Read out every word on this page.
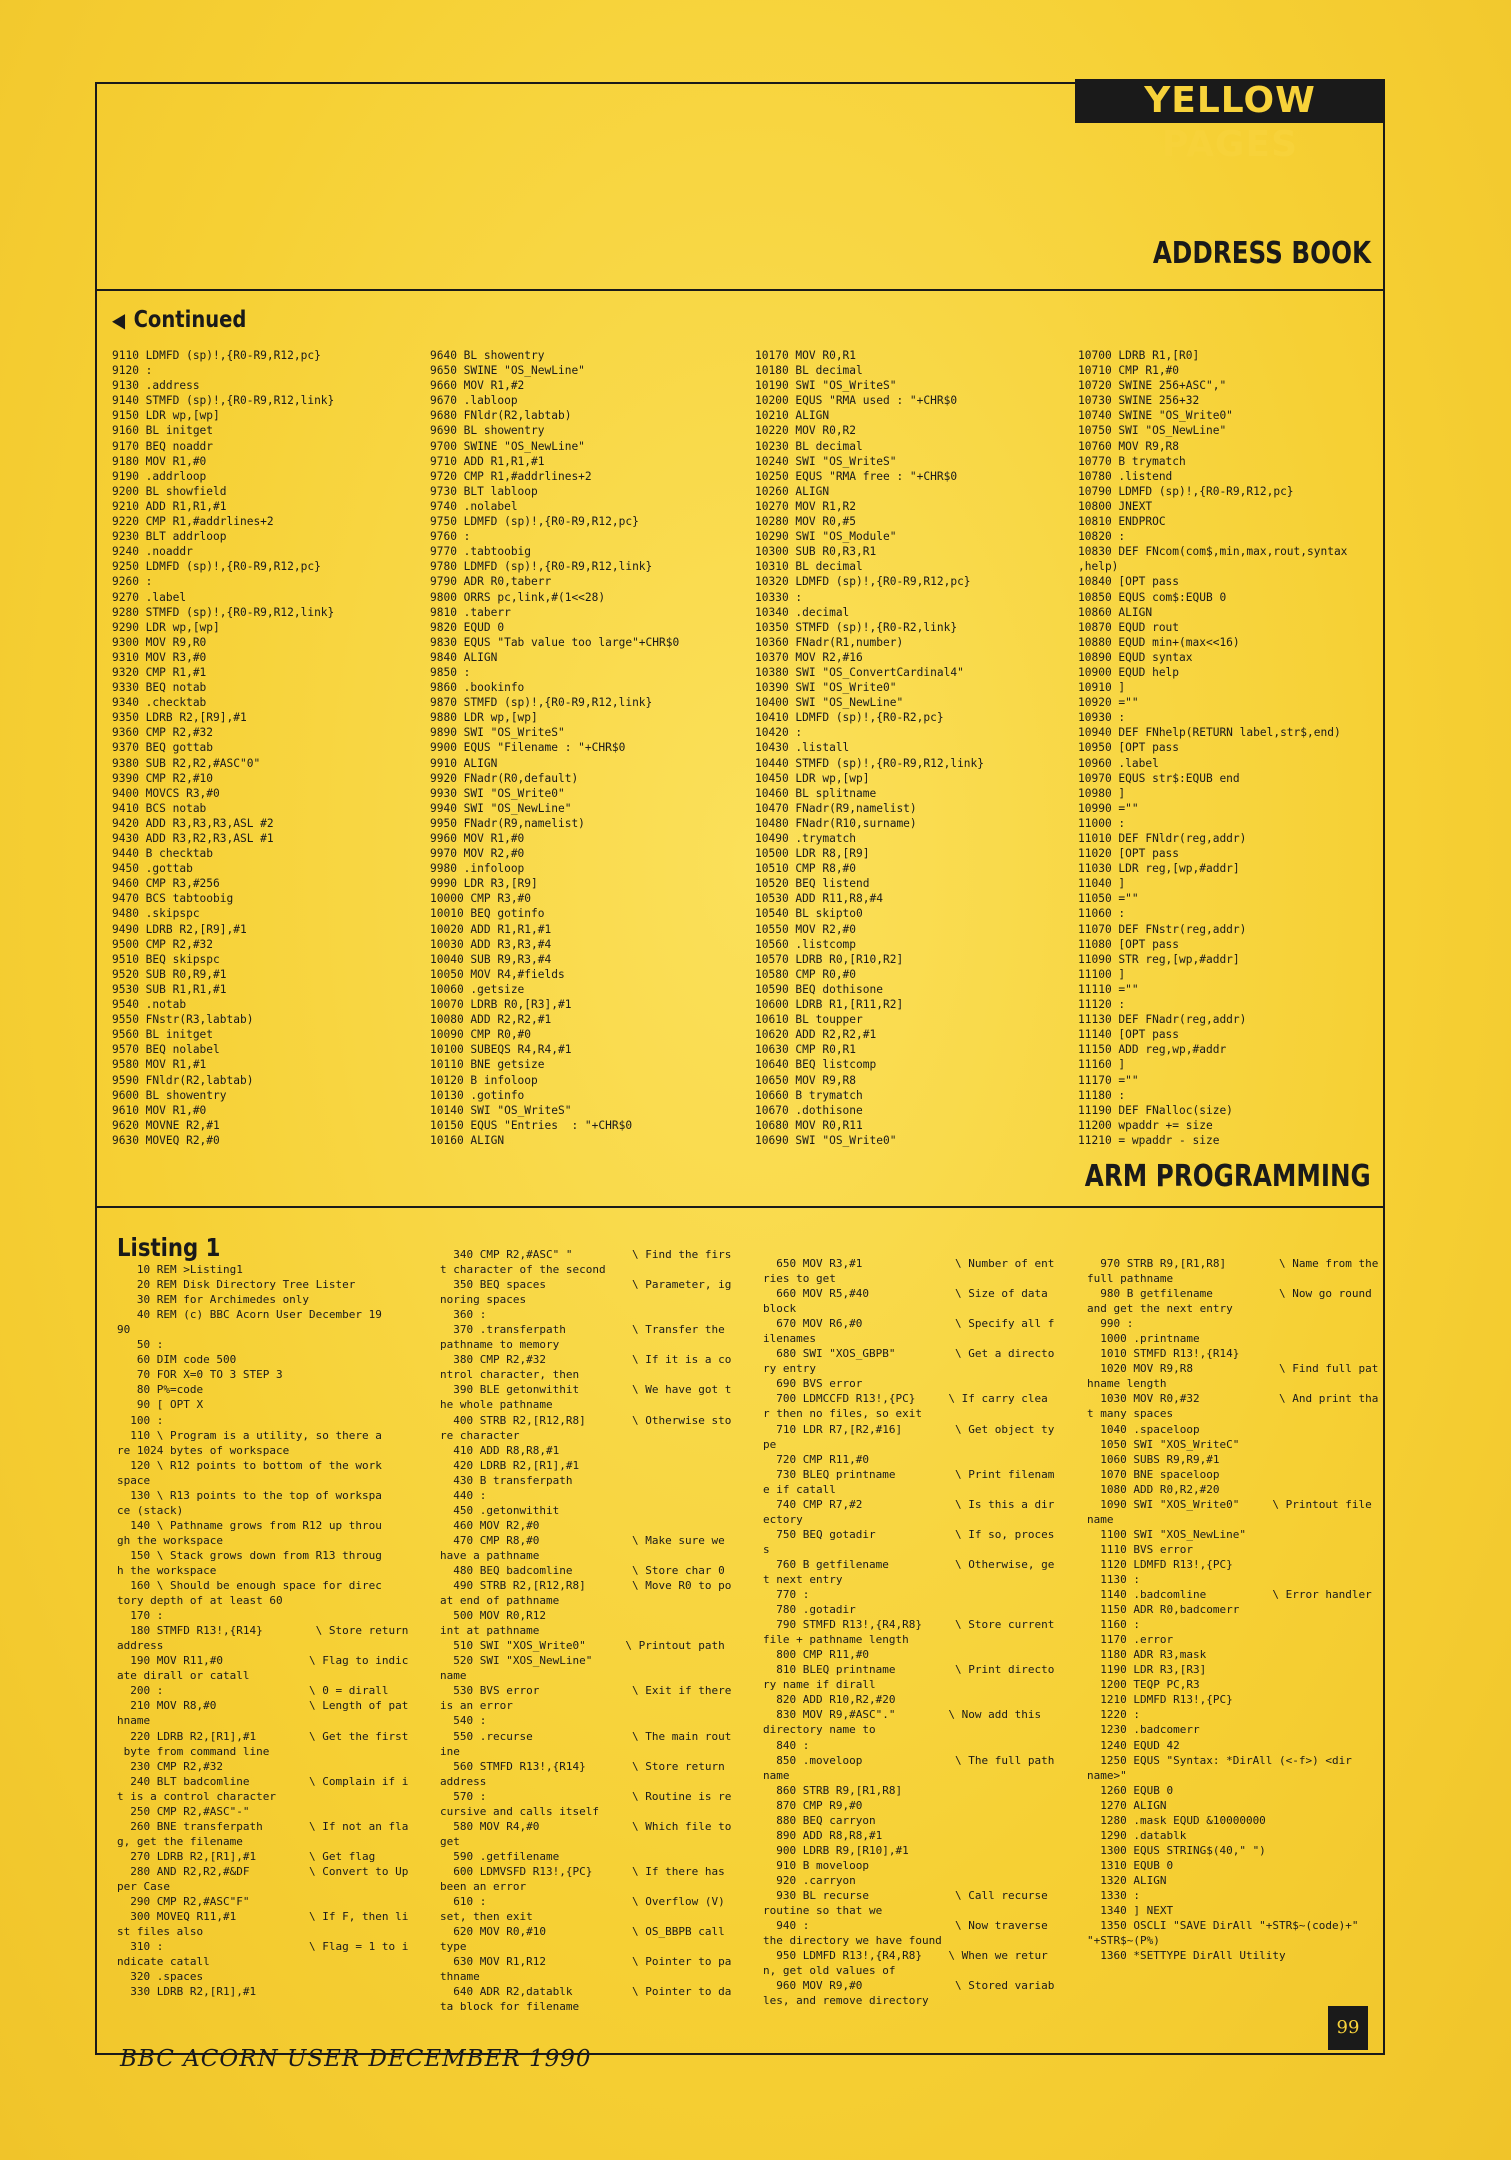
YELLOW PAGES
ADDRESS BOOK
◀ Continued
9110 LDMFD (sp)!,{R0-R9,R12,pc}
9120 :
9130 .address
9140 STMFD (sp)!,{R0-R9,R12,link}
9150 LDR wp,[wp]
9160 BL initget
9170 BEQ noaddr
9180 MOV R1,#0
9190 .addrloop
9200 BL showfield
9210 ADD R1,R1,#1
9220 CMP R1,#addrlines+2
9230 BLT addrloop
9240 .noaddr
9250 LDMFD (sp)!,{R0-R9,R12,pc}
9260 :
9270 .label
9280 STMFD (sp)!,{R0-R9,R12,link}
9290 LDR wp,[wp]
9300 MOV R9,R0
9310 MOV R3,#0
9320 CMP R1,#1
9330 BEQ notab
9340 .checktab
9350 LDRB R2,[R9],#1
9360 CMP R2,#32
9370 BEQ gottab
9380 SUB R2,R2,#ASC"0"
9390 CMP R2,#10
9400 MOVCS R3,#0
9410 BCS notab
9420 ADD R3,R3,R3,ASL #2
9430 ADD R3,R2,R3,ASL #1
9440 B checktab
9450 .gottab
9460 CMP R3,#256
9470 BCS tabtoobig
9480 .skipspc
9490 LDRB R2,[R9],#1
9500 CMP R2,#32
9510 BEQ skipspc
9520 SUB R0,R9,#1
9530 SUB R1,R1,#1
9540 .notab
9550 FNstr(R3,labtab)
9560 BL initget
9570 BEQ nolabel
9580 MOV R1,#1
9590 FNldr(R2,labtab)
9600 BL showentry
9610 MOV R1,#0
9620 MOVNE R2,#1
9630 MOVEQ R2,#0
9640 BL showentry
9650 SWINE "OS_NewLine"
9660 MOV R1,#2
9670 .labloop
9680 FNldr(R2,labtab)
9690 BL showentry
9700 SWINE "OS_NewLine"
9710 ADD R1,R1,#1
9720 CMP R1,#addrlines+2
9730 BLT labloop
9740 .nolabel
9750 LDMFD (sp)!,{R0-R9,R12,pc}
9760 :
9770 .tabtoobig
9780 LDMFD (sp)!,{R0-R9,R12,link}
9790 ADR R0,taberr
9800 ORRS pc,link,#(1<<28)
9810 .taberr
9820 EQUD 0
9830 EQUS "Tab value too large"+CHR$0
9840 ALIGN
9850 :
9860 .bookinfo
9870 STMFD (sp)!,{R0-R9,R12,link}
9880 LDR wp,[wp]
9890 SWI "OS_WriteS"
9900 EQUS "Filename : "+CHR$0
9910 ALIGN
9920 FNadr(R0,default)
9930 SWI "OS_Write0"
9940 SWI "OS_NewLine"
9950 FNadr(R9,namelist)
9960 MOV R1,#0
9970 MOV R2,#0
9980 .infoloop
9990 LDR R3,[R9]
10000 CMP R3,#0
10010 BEQ gotinfo
10020 ADD R1,R1,#1
10030 ADD R3,R3,#4
10040 SUB R9,R3,#4
10050 MOV R4,#fields
10060 .getsize
10070 LDRB R0,[R3],#1
10080 ADD R2,R2,#1
10090 CMP R0,#0
10100 SUBEQS R4,R4,#1
10110 BNE getsize
10120 B infoloop
10130 .gotinfo
10140 SWI "OS_WriteS"
10150 EQUS "Entries  : "+CHR$0
10160 ALIGN
10170 MOV R0,R1
10180 BL decimal
10190 SWI "OS_WriteS"
10200 EQUS "RMA used : "+CHR$0
10210 ALIGN
10220 MOV R0,R2
10230 BL decimal
10240 SWI "OS_WriteS"
10250 EQUS "RMA free : "+CHR$0
10260 ALIGN
10270 MOV R1,R2
10280 MOV R0,#5
10290 SWI "OS_Module"
10300 SUB R0,R3,R1
10310 BL decimal
10320 LDMFD (sp)!,{R0-R9,R12,pc}
10330 :
10340 .decimal
10350 STMFD (sp)!,{R0-R2,link}
10360 FNadr(R1,number)
10370 MOV R2,#16
10380 SWI "OS_ConvertCardinal4"
10390 SWI "OS_Write0"
10400 SWI "OS_NewLine"
10410 LDMFD (sp)!,{R0-R2,pc}
10420 :
10430 .listall
10440 STMFD (sp)!,{R0-R9,R12,link}
10450 LDR wp,[wp]
10460 BL splitname
10470 FNadr(R9,namelist)
10480 FNadr(R10,surname)
10490 .trymatch
10500 LDR R8,[R9]
10510 CMP R8,#0
10520 BEQ listend
10530 ADD R11,R8,#4
10540 BL skipto0
10550 MOV R2,#0
10560 .listcomp
10570 LDRB R0,[R10,R2]
10580 CMP R0,#0
10590 BEQ dothisone
10600 LDRB R1,[R11,R2]
10610 BL toupper
10620 ADD R2,R2,#1
10630 CMP R0,R1
10640 BEQ listcomp
10650 MOV R9,R8
10660 B trymatch
10670 .dothisone
10680 MOV R0,R11
10690 SWI "OS_Write0"
10700 LDRB R1,[R0]
10710 CMP R1,#0
10720 SWINE 256+ASC","
10730 SWINE 256+32
10740 SWINE "OS_Write0"
10750 SWI "OS_NewLine"
10760 MOV R9,R8
10770 B trymatch
10780 .listend
10790 LDMFD (sp)!,{R0-R9,R12,pc}
10800 JNEXT
10810 ENDPROC
10820 :
10830 DEF FNcom(com$,min,max,rout,syntax
,help)
10840 [OPT pass
10850 EQUS com$:EQUB 0
10860 ALIGN
10870 EQUD rout
10880 EQUD min+(max<<16)
10890 EQUD syntax
10900 EQUD help
10910 ]
10920 =""
10930 :
10940 DEF FNhelp(RETURN label,str$,end)
10950 [OPT pass
10960 .label
10970 EQUS str$:EQUB end
10980 ]
10990 =""
11000 :
11010 DEF FNldr(reg,addr)
11020 [OPT pass
11030 LDR reg,[wp,#addr]
11040 ]
11050 =""
11060 :
11070 DEF FNstr(reg,addr)
11080 [OPT pass
11090 STR reg,[wp,#addr]
11100 ]
11110 =""
11120 :
11130 DEF FNadr(reg,addr)
11140 [OPT pass
11150 ADD reg,wp,#addr
11160 ]
11170 =""
11180 :
11190 DEF FNalloc(size)
11200 wpaddr += size
11210 = wpaddr - size
ARM PROGRAMMING
Listing 1
10 REM >Listing1
20 REM Disk Directory Tree Lister
30 REM for Archimedes only
40 REM (c) BBC Acorn User December 19
90
50 :
60 DIM code 500
70 FOR X=0 TO 3 STEP 3
80 P%=code
90 [ OPT X
100 :
110 \ Program is a utility, so there a
re 1024 bytes of workspace
120 \ R12 points to bottom of the work
space
130 \ R13 points to the top of workspa
ce (stack)
140 \ Pathname grows from R12 up throu
gh the workspace
150 \ Stack grows down from R13 throug
h the workspace
160 \ Should be enough space for direc
tory depth of at least 60
170 :
180 STMFD R13!,{R14}        \ Store return
address
190 MOV R11,#0             \ Flag to indic
ate dirall or catall
200 :                      \ 0 = dirall
210 MOV R8,#0              \ Length of pat
hname
220 LDRB R2,[R1],#1        \ Get the first
byte from command line
230 CMP R2,#32
240 BLT badcomline         \ Complain if i
t is a control character
250 CMP R2,#ASC"-"
260 BNE transferpath       \ If not an fla
g, get the filename
270 LDRB R2,[R1],#1        \ Get flag
280 AND R2,R2,#&DF         \ Convert to Up
per Case
290 CMP R2,#ASC"F"
300 MOVEQ R11,#1           \ If F, then li
st files also
310 :                      \ Flag = 1 to i
ndicate catall
320 .spaces
330 LDRB R2,[R1],#1
340 CMP R2,#ASC" "         \ Find the firs
t character of the second
350 BEQ spaces             \ Parameter, ig
noring spaces
360 :
370 .transferpath          \ Transfer the
pathname to memory
380 CMP R2,#32             \ If it is a co
ntrol character, then
390 BLE getonwithit        \ We have got t
he whole pathname
400 STRB R2,[R12,R8]       \ Otherwise sto
re character
410 ADD R8,R8,#1
420 LDRB R2,[R1],#1
430 B transferpath
440 :
450 .getonwithit
460 MOV R2,#0
470 CMP R8,#0              \ Make sure we
have a pathname
480 BEQ badcomline         \ Store char 0
490 STRB R2,[R12,R8]       \ Move R0 to po
at end of pathname
500 MOV R0,R12
int at pathname
510 SWI "XOS_Write0"      \ Printout path
520 SWI "XOS_NewLine"
name
530 BVS error              \ Exit if there
is an error
540 :
550 .recurse               \ The main rout
ine
560 STMFD R13!,{R14}       \ Store return
address
570 :                      \ Routine is re
cursive and calls itself
580 MOV R4,#0              \ Which file to
get
590 .getfilename
600 LDMVSFD R13!,{PC}      \ If there has
been an error
610 :                      \ Overflow (V)
set, then exit
620 MOV R0,#10             \ OS_BBPB call
type
630 MOV R1,R12             \ Pointer to pa
thname
640 ADR R2,datablk         \ Pointer to da
ta block for filename
650 MOV R3,#1              \ Number of ent
ries to get
660 MOV R5,#40             \ Size of data
block
670 MOV R6,#0              \ Specify all f
ilenames
680 SWI "XOS_GBPB"         \ Get a directo
ry entry
690 BVS error
700 LDMCCFD R13!,{PC}     \ If carry clea
r then no files, so exit
710 LDR R7,[R2,#16]        \ Get object ty
pe
720 CMP R11,#0
730 BLEQ printname         \ Print filenam
e if catall
740 CMP R7,#2              \ Is this a dir
ectory
750 BEQ gotadir            \ If so, proces
s
760 B getfilename          \ Otherwise, ge
t next entry
770 :
780 .gotadir
790 STMFD R13!,{R4,R8}     \ Store current
file + pathname length
800 CMP R11,#0
810 BLEQ printname         \ Print directo
ry name if dirall
820 ADD R10,R2,#20
830 MOV R9,#ASC"."        \ Now add this
directory name to
840 :
850 .moveloop              \ The full path
name
860 STRB R9,[R1,R8]
870 CMP R9,#0
880 BEQ carryon
890 ADD R8,R8,#1
900 LDRB R9,[R10],#1
910 B moveloop
920 .carryon
930 BL recurse             \ Call recurse
routine so that we
940 :                      \ Now traverse
the directory we have found
950 LDMFD R13!,{R4,R8}    \ When we retur
n, get old values of
960 MOV R9,#0              \ Stored variab
les, and remove directory
970 STRB R9,[R1,R8]        \ Name from the
full pathname
980 B getfilename          \ Now go round
and get the next entry
990 :
1000 .printname
1010 STMFD R13!,{R14}
1020 MOV R9,R8             \ Find full pat
hname length
1030 MOV R0,#32            \ And print tha
t many spaces
1040 .spaceloop
1050 SWI "XOS_WriteC"
1060 SUBS R9,R9,#1
1070 BNE spaceloop
1080 ADD R0,R2,#20
1090 SWI "XOS_Write0"     \ Printout file
name
1100 SWI "XOS_NewLine"
1110 BVS error
1120 LDMFD R13!,{PC}
1130 :
1140 .badcomline          \ Error handler
1150 ADR R0,badcomerr
1160 :
1170 .error
1180 ADR R3,mask
1190 LDR R3,[R3]
1200 TEQP PC,R3
1210 LDMFD R13!,{PC}
1220 :
1230 .badcomerr
1240 EQUD 42
1250 EQUS "Syntax: *DirAll (<-f>) <dir
name>"
1260 EQUB 0
1270 ALIGN
1280 .mask EQUD &10000000
1290 .datablk
1300 EQUS STRING$(40," ")
1310 EQUB 0
1320 ALIGN
1330 :
1340 ] NEXT
1350 OSCLI "SAVE DirAll "+STR$~(code)+"
"+STR$~(P%)
1360 *SETTYPE DirAll Utility
BBC ACORN USER DECEMBER 1990
99
